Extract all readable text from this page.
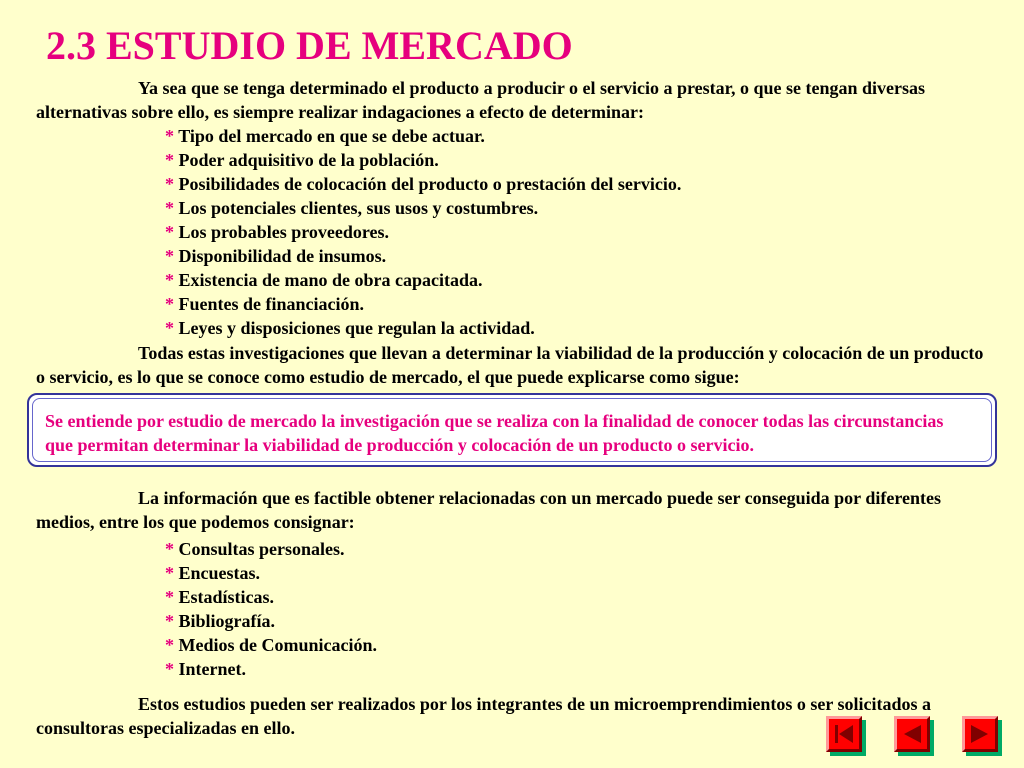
2.3 ESTUDIO DE MERCADO

Ya sea que se tenga determinado el producto a producir o el servicio a prestar, o que se tengan diversas alternativas sobre ello, es siempre realizar indagaciones a efecto de determinar:

* Tipo del mercado en que se debe actuar.
* Poder adquisitivo de la población.
* Posibilidades de colocación del producto o prestación del servicio.
* Los potenciales clientes, sus usos y costumbres.
* Los probables proveedores.
* Disponibilidad de insumos.
* Existencia de mano de obra capacitada.
* Fuentes de financiación.
* Leyes y disposiciones que regulan la actividad.

Todas estas investigaciones que llevan a determinar la viabilidad de la producción y colocación de un producto o servicio, es lo que se conoce como estudio de mercado, el que puede explicarse como sigue:

Se entiende por estudio de mercado la investigación que se realiza con la finalidad de conocer todas las circunstancias que permitan determinar la viabilidad de producción y colocación de un producto o servicio.

La información que es factible obtener relacionadas con un mercado puede ser conseguida por diferentes medios, entre los que podemos consignar:

* Consultas personales.
* Encuestas.
* Estadísticas.
* Bibliografía.
* Medios de Comunicación.
* Internet.

Estos estudios pueden ser realizados por los integrantes de un microemprendimientos o ser solicitados a consultoras especializadas en ello.
